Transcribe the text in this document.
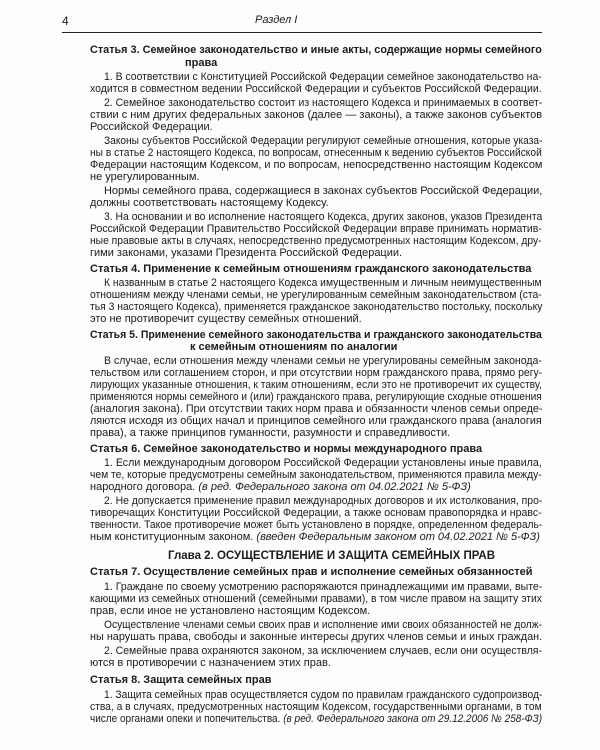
4	Раздел I
Статья 3. Семейное законодательство и иные акты, содержащие нормы семейного
права
1. В соответствии с Конституцией Российской Федерации семейное законодательство на-
ходится в совместном ведении Российской Федерации и субъектов Российской Федерации.
2. Семейное законодательство состоит из настоящего Кодекса и принимаемых в соответ-
ствии с ним других федеральных законов (далее — законы), а также законов субъектов
Российской Федерации.
Законы субъектов Российской Федерации регулируют семейные отношения, которые указа-
ны в статье 2 настоящего Кодекса, по вопросам, отнесенным к ведению субъектов Российской
Федерации настоящим Кодексом, и по вопросам, непосредственно настоящим Кодексом
не урегулированным.
Нормы семейного права, содержащиеся в законах субъектов Российской Федерации,
должны соответствовать настоящему Кодексу.
3. На основании и во исполнение настоящего Кодекса, других законов, указов Президента
Российской Федерации Правительство Российской Федерации вправе принимать норматив-
ные правовые акты в случаях, непосредственно предусмотренных настоящим Кодексом, дру-
гими законами, указами Президента Российской Федерации.
Статья 4. Применение к семейным отношениям гражданского законодательства
К названным в статье 2 настоящего Кодекса имущественным и личным неимущественным
отношениям между членами семьи, не урегулированным семейным законодательством (ста-
тья 3 настоящего Кодекса), применяется гражданское законодательство постольку, поскольку
это не противоречит существу семейных отношений.
Статья 5. Применение семейного законодательства и гражданского законодательства
к семейным отношениям по аналогии
В случае, если отношения между членами семьи не урегулированы семейным законода-
тельством или соглашением сторон, и при отсутствии норм гражданского права, прямо регу-
лирующих указанные отношения, к таким отношениям, если это не противоречит их существу,
применяются нормы семейного и (или) гражданского права, регулирующие сходные отношения
(аналогия закона). При отсутствии таких норм права и обязанности членов семьи опреде-
ляются исходя из общих начал и принципов семейного или гражданского права (аналогия
права), а также принципов гуманности, разумности и справедливости.
Статья 6. Семейное законодательство и нормы международного права
1. Если международным договором Российской Федерации установлены иные правила,
чем те, которые предусмотрены семейным законодательством, применяются правила между-
народного договора. (в ред. Федерального закона от 04.02.2021 № 5-ФЗ)
2. Не допускается применение правил международных договоров и их истолкования, про-
тиворечащих Конституции Российской Федерации, а также основам правопорядка и нравс-
твенности. Такое противоречие может быть установлено в порядке, определенном федераль-
ным конституционным законом. (введен Федеральным законом от 04.02.2021 № 5-ФЗ)
Глава 2. ОСУЩЕСТВЛЕНИЕ И ЗАЩИТА СЕМЕЙНЫХ ПРАВ
Статья 7. Осуществление семейных прав и исполнение семейных обязанностей
1. Граждане по своему усмотрению распоряжаются принадлежащими им правами, выте-
кающими из семейных отношений (семейными правами), в том числе правом на защиту этих
прав, если иное не установлено настоящим Кодексом.
Осуществление членами семьи своих прав и исполнение ими своих обязанностей не долж-
ны нарушать права, свободы и законные интересы других членов семьи и иных граждан.
2. Семейные права охраняются законом, за исключением случаев, если они осуществля-
ются в противоречии с назначением этих прав.
Статья 8. Защита семейных прав
1. Защита семейных прав осуществляется судом по правилам гражданского судопроизвод-
ства, а в случаях, предусмотренных настоящим Кодексом, государственными органами, в том
числе органами опеки и попечительства. (в ред. Федерального закона от 29.12.2006 № 258-ФЗ)
